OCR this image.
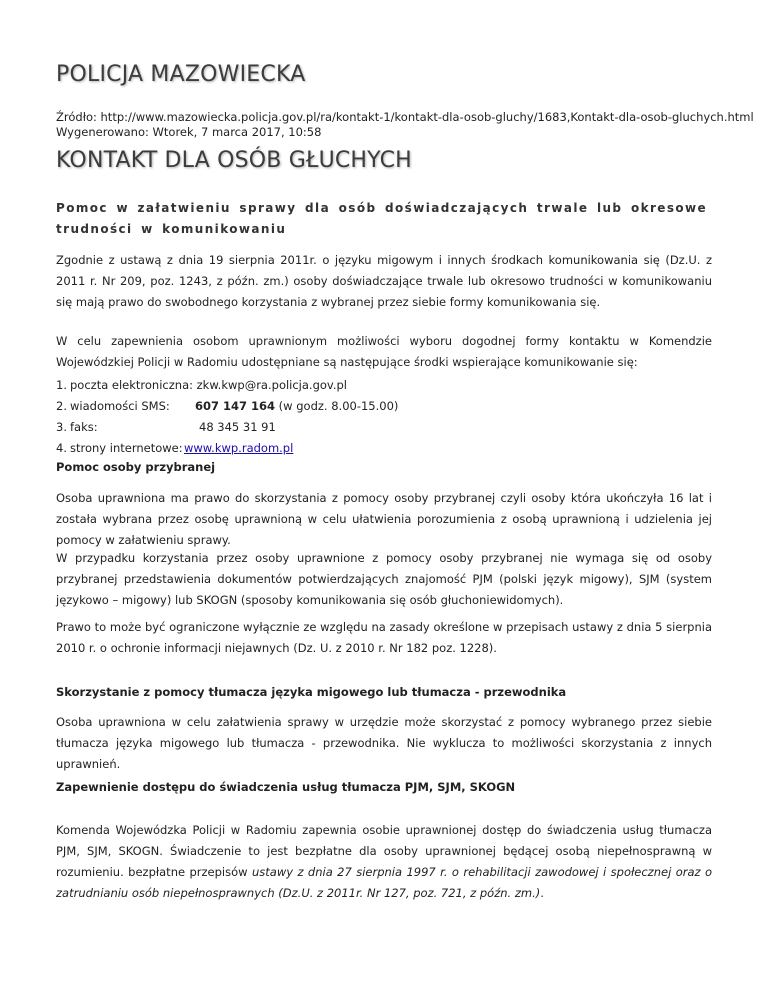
POLICJA MAZOWIECKA
Źródło: http://www.mazowiecka.policja.gov.pl/ra/kontakt-1/kontakt-dla-osob-gluchy/1683,Kontakt-dla-osob-gluchych.html
Wygenerowano: Wtorek, 7 marca 2017, 10:58
KONTAKT DLA OSÓB GŁUCHYCH

Pomoc w załatwieniu sprawy dla osób doświadczających trwale lub okresowe trudności w komunikowaniu

Zgodnie z ustawą z dnia 19 sierpnia 2011r. o języku migowym i innych środkach komunikowania się (Dz.U. z 2011 r. Nr 209, poz. 1243, z późn. zm.) osoby doświadczające trwale lub okresowo trudności w komunikowaniu się mają prawo do swobodnego korzystania z wybranej przez siebie formy komunikowania się.

W celu zapewnienia osobom uprawnionym możliwości wyboru dogodnej formy kontaktu w Komendzie Wojewódzkiej Policji w Radomiu udostępniane są następujące środki wspierające komunikowanie się:

1. poczta elektroniczna: zkw.kwp@ra.policja.gov.pl
2. wiadomości SMS:	607 147 164 (w godz. 8.00-15.00)
3. faks:	48 345 31 91
4. strony internetowe: www.kwp.radom.pl

Pomoc osoby przybranej

Osoba uprawniona ma prawo do skorzystania z pomocy osoby przybranej czyli osoby która ukończyła 16 lat i została wybrana przez osobę uprawnioną w celu ułatwienia porozumienia z osobą uprawnioną i udzielenia jej pomocy w załatwieniu sprawy.

W przypadku korzystania przez osoby uprawnione z pomocy osoby przybranej nie wymaga się od osoby przybranej przedstawienia dokumentów potwierdzających znajomość PJM (polski język migowy), SJM (system językowo – migowy) lub SKOGN (sposoby komunikowania się osób głuchoniewidomych).

Prawo to może być ograniczone wyłącznie ze względu na zasady określone w przepisach ustawy z dnia 5 sierpnia 2010 r. o ochronie informacji niejawnych (Dz. U. z 2010 r. Nr 182 poz. 1228).

Skorzystanie z pomocy tłumacza języka migowego lub tłumacza - przewodnika

Osoba uprawniona w celu załatwienia sprawy w urzędzie może skorzystać z pomocy wybranego przez siebie tłumacza języka migowego lub tłumacza - przewodnika. Nie wyklucza to możliwości skorzystania z innych uprawnień.

Zapewnienie dostępu do świadczenia usług tłumacza PJM, SJM, SKOGN

Komenda Wojewódzka Policji w Radomiu zapewnia osobie uprawnionej dostęp do świadczenia usług tłumacza PJM, SJM, SKOGN. Świadczenie to jest bezpłatne dla osoby uprawnionej będącej osobą niepełnosprawną w rozumieniu. bezpłatne przepisów ustawy z dnia 27 sierpnia 1997 r. o rehabilitacji zawodowej i społecznej oraz o zatrudnianiu osób niepełnosprawnych (Dz.U. z 2011r. Nr 127, poz. 721, z późn. zm.).
